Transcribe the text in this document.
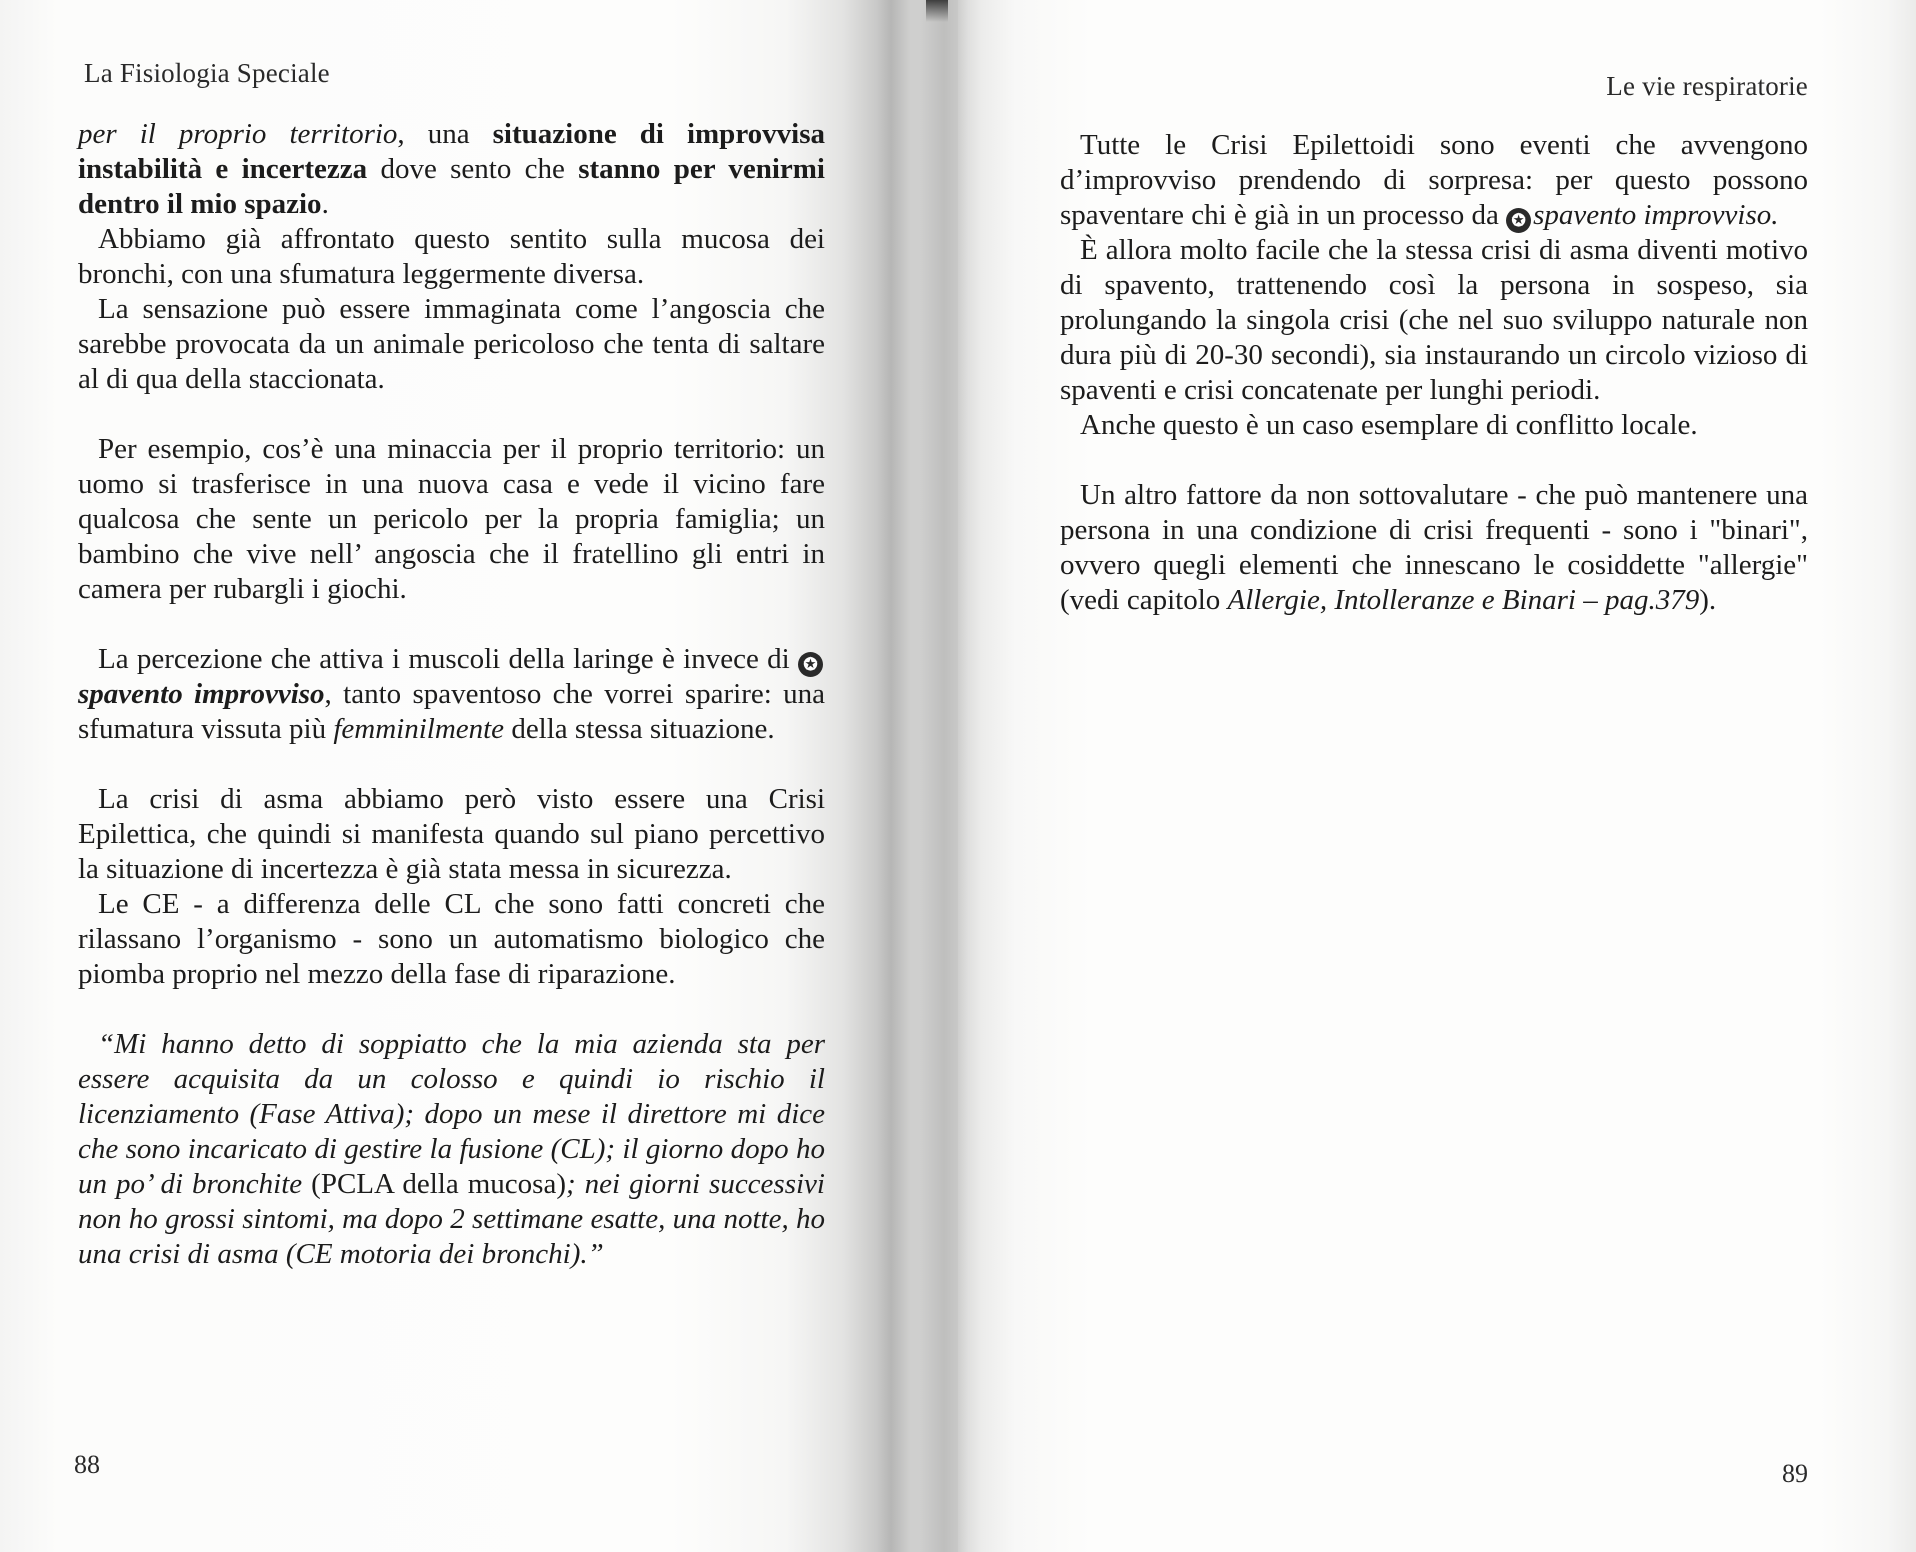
La Fisiologia Speciale

per il proprio territorio, una situazione di improvvisa instabilità e incertezza dove sento che stanno per venirmi dentro il mio spazio.

Abbiamo già affrontato questo sentito sulla mucosa dei bronchi, con una sfumatura leggermente diversa.

La sensazione può essere immaginata come l’angoscia che sarebbe provocata da un animale pericoloso che tenta di saltare al di qua della staccionata.

Per esempio, cos’è una minaccia per il proprio territorio: un uomo si trasferisce in una nuova casa e vede il vicino fare qualcosa che sente un pericolo per la propria famiglia; un bambino che vive nell’ angoscia che il fratellino gli entri in camera per rubargli i giochi.

La percezione che attiva i muscoli della laringe è invece di ✪spavento improvviso, tanto spaventoso che vorrei sparire: una sfumatura vissuta più femminilmente della stessa situazione.

La crisi di asma abbiamo però visto essere una Crisi Epilettica, che quindi si manifesta quando sul piano percettivo la situazione di incertezza è già stata messa in sicurezza.

Le CE - a differenza delle CL che sono fatti concreti che rilassano l’organismo - sono un automatismo biologico che piomba proprio nel mezzo della fase di riparazione.

“Mi hanno detto di soppiatto che la mia azienda sta per essere acquisita da un colosso e quindi io rischio il licenziamento (Fase Attiva); dopo un mese il direttore mi dice che sono incaricato di gestire la fusione (CL); il giorno dopo ho un po’ di bronchite (PCLA della mucosa); nei giorni successivi non ho grossi sintomi, ma dopo 2 settimane esatte, una notte, ho una crisi di asma (CE motoria dei bronchi).”

88
Le vie respiratorie

Tutte le Crisi Epilettoidi sono eventi che avvengono d’improvviso prendendo di sorpresa: per questo possono spaventare chi è già in un processo da ✪ spavento improvviso.

È allora molto facile che la stessa crisi di asma diventi motivo di spavento, trattenendo così la persona in sospeso, sia prolungando la singola crisi (che nel suo sviluppo naturale non dura più di 20-30 secondi), sia instaurando un circolo vizioso di spaventi e crisi concatenate per lunghi periodi.

Anche questo è un caso esemplare di conflitto locale.

Un altro fattore da non sottovalutare - che può mantenere una persona in una condizione di crisi frequenti - sono i "binari", ovvero quegli elementi che innescano le cosiddette "allergie" (vedi capitolo Allergie, Intolleranze e Binari – pag.379).

89
